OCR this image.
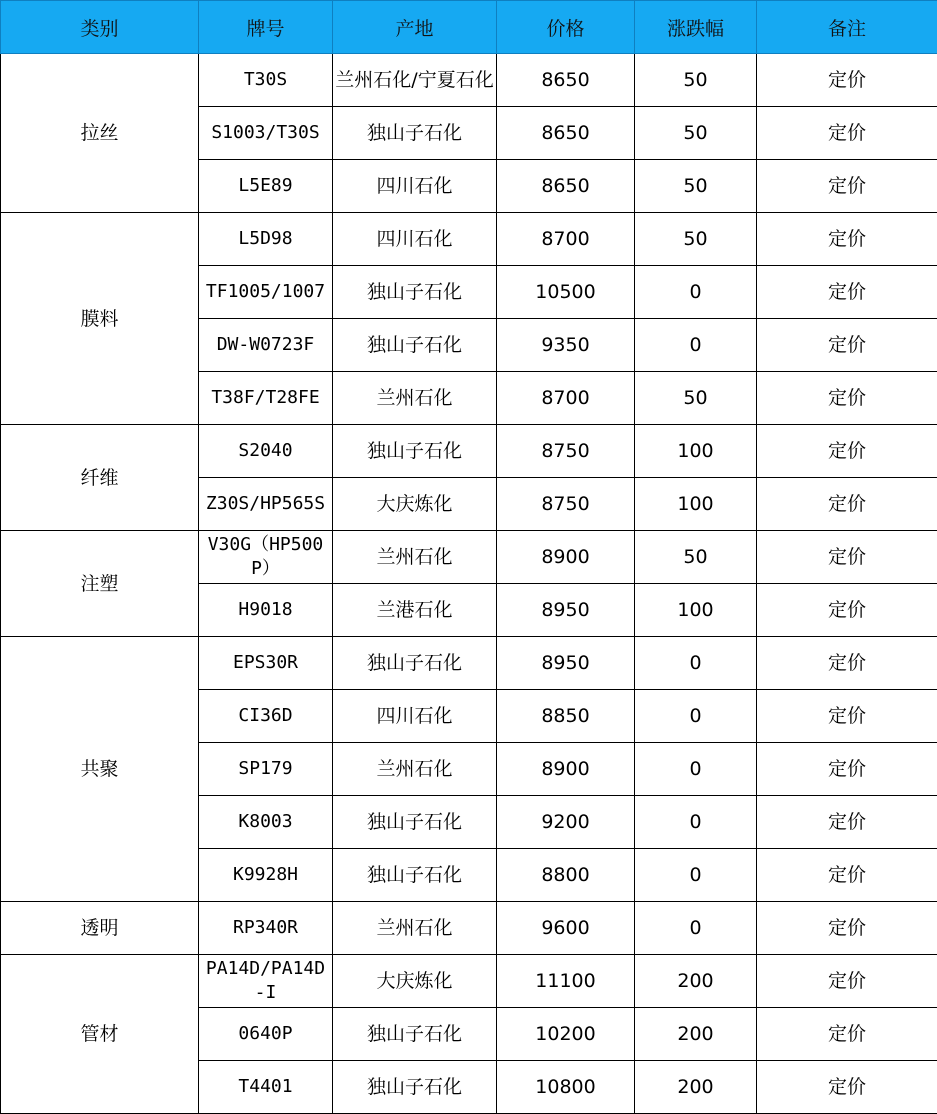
类别	牌号	产地	价格	涨跌幅	备注
拉丝	T30S	兰州石化/宁夏石化	8650	50	定价
	S1003/T30S	独山子石化	8650	50	定价
	L5E89	四川石化	8650	50	定价
膜料	L5D98	四川石化	8700	50	定价
	TF1005/1007	独山子石化	10500	0	定价
	DW-W0723F	独山子石化	9350	0	定价
	T38F/T28FE	兰州石化	8700	50	定价
纤维	S2040	独山子石化	8750	100	定价
	Z30S/HP565S	大庆炼化	8750	100	定价
注塑	V30G（HP500P）	兰州石化	8900	50	定价
	H9018	兰港石化	8950	100	定价
共聚	EPS30R	独山子石化	8950	0	定价
	CI36D	四川石化	8850	0	定价
	SP179	兰州石化	8900	0	定价
	K8003	独山子石化	9200	0	定价
	K9928H	独山子石化	8800	0	定价
透明	RP340R	兰州石化	9600	0	定价
管材	PA14D/PA14D-I	大庆炼化	11100	200	定价
	0640P	独山子石化	10200	200	定价
	T4401	独山子石化	10800	200	定价
